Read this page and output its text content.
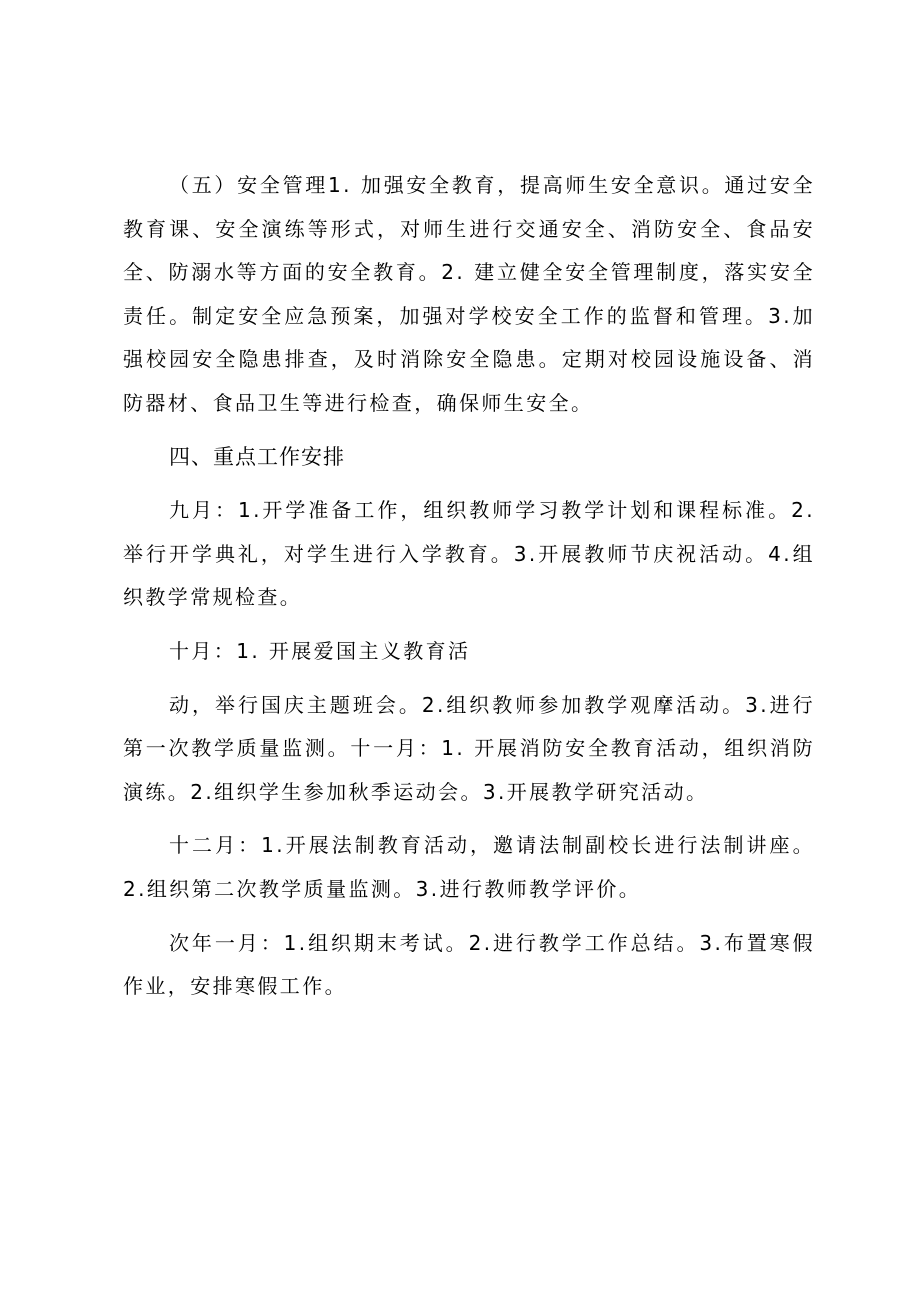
（五）安全管理1. 加强安全教育，提高师生安全意识。通过安全教育课、安全演练等形式，对师生进行交通安全、消防安全、食品安全、防溺水等方面的安全教育。2. 建立健全安全管理制度，落实安全责任。制定安全应急预案，加强对学校安全工作的监督和管理。3.加强校园安全隐患排查，及时消除安全隐患。定期对校园设施设备、消防器材、食品卫生等进行检查，确保师生安全。

四、重点工作安排

九月：1.开学准备工作，组织教师学习教学计划和课程标准。2.举行开学典礼，对学生进行入学教育。3.开展教师节庆祝活动。4.组织教学常规检查。

十月：1. 开展爱国主义教育活

动，举行国庆主题班会。2.组织教师参加教学观摩活动。3.进行第一次教学质量监测。十一月：1. 开展消防安全教育活动，组织消防演练。2.组织学生参加秋季运动会。3.开展教学研究活动。

十二月：1.开展法制教育活动，邀请法制副校长进行法制讲座。2.组织第二次教学质量监测。3.进行教师教学评价。

次年一月：1.组织期末考试。2.进行教学工作总结。3.布置寒假作业，安排寒假工作。
